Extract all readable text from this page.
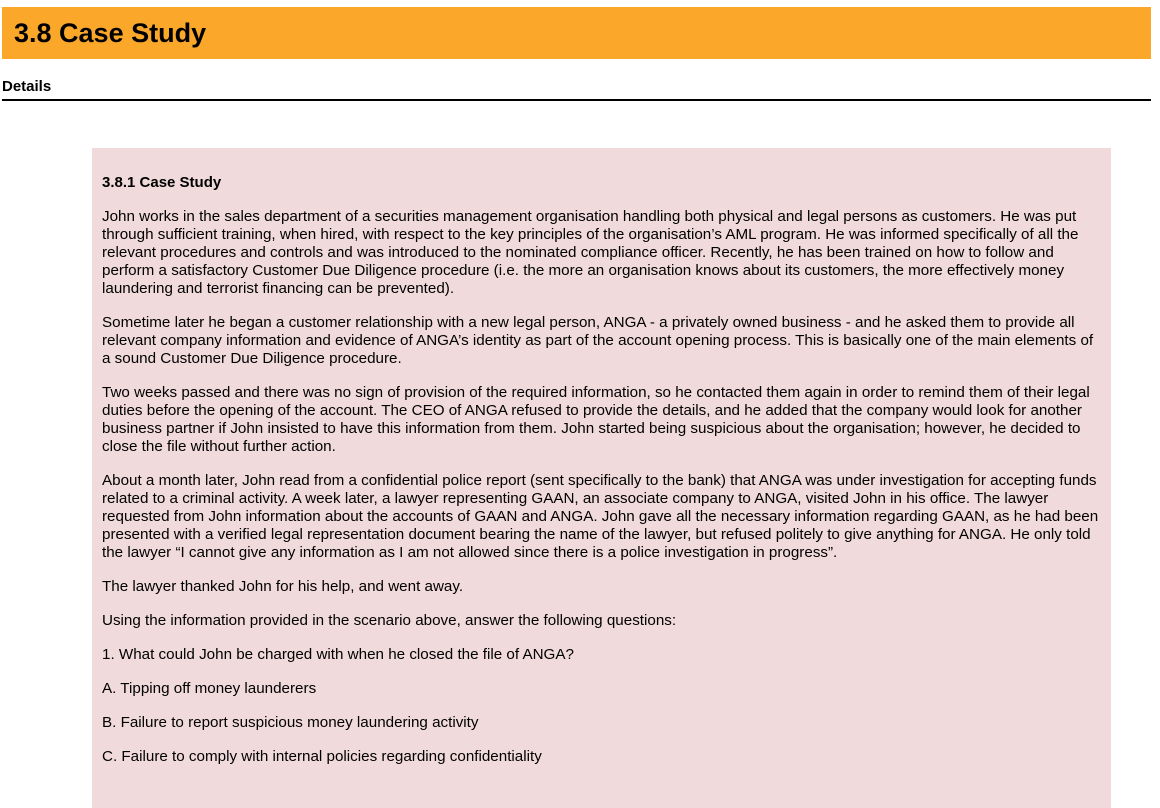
3.8 Case Study
Details
3.8.1 Case Study

John works in the sales department of a securities management organisation handling both physical and legal persons as customers. He was put through sufficient training, when hired, with respect to the key principles of the organisation’s AML program. He was informed specifically of all the relevant procedures and controls and was introduced to the nominated compliance officer. Recently, he has been trained on how to follow and perform a satisfactory Customer Due Diligence procedure (i.e. the more an organisation knows about its customers, the more effectively money laundering and terrorist financing can be prevented).

Sometime later he began a customer relationship with a new legal person, ANGA - a privately owned business - and he asked them to provide all relevant company information and evidence of ANGA’s identity as part of the account opening process. This is basically one of the main elements of a sound Customer Due Diligence procedure.

Two weeks passed and there was no sign of provision of the required information, so he contacted them again in order to remind them of their legal duties before the opening of the account. The CEO of ANGA refused to provide the details, and he added that the company would look for another business partner if John insisted to have this information from them. John started being suspicious about the organisation; however, he decided to close the file without further action.

About a month later, John read from a confidential police report (sent specifically to the bank) that ANGA was under investigation for accepting funds related to a criminal activity. A week later, a lawyer representing GAAN, an associate company to ANGA, visited John in his office. The lawyer requested from John information about the accounts of GAAN and ANGA. John gave all the necessary information regarding GAAN, as he had been presented with a verified legal representation document bearing the name of the lawyer, but refused politely to give anything for ANGA. He only told the lawyer “I cannot give any information as I am not allowed since there is a police investigation in progress”.

The lawyer thanked John for his help, and went away.

Using the information provided in the scenario above, answer the following questions:

1. What could John be charged with when he closed the file of ANGA?

A. Tipping off money launderers

B. Failure to report suspicious money laundering activity

C. Failure to comply with internal policies regarding confidentiality
